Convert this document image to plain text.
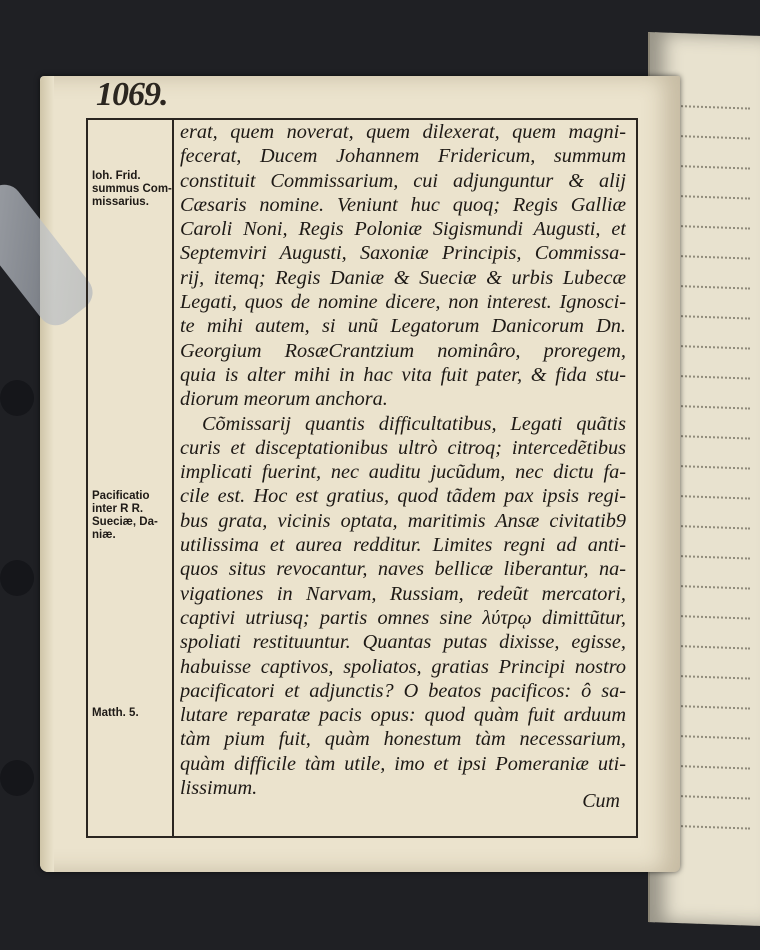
1069.
Ioh. Frid.
summus Com-
missarius.
Pacificatio
inter R R.
Sueciæ, Da-
niæ.
Matth. 5.
erat, quem noverat, quem dilexerat, quem magni-
fecerat, Ducem Johannem Fridericum, summum
constituit Commissarium, cui adjunguntur & alij
Cæsaris nomine. Veniunt huc quoq; Regis Galliæ
Caroli Noni, Regis Poloniæ Sigismundi Augusti, et
Septemviri Augusti, Saxoniæ Principis, Commissa-
rij, itemq; Regis Daniæ & Sueciæ & urbis Lubecæ
Legati, quos de nomine dicere, non interest. Ignosci-
te mihi autem, si unũ Legatorum Danicorum Dn.
Georgium RosæCrantzium nominâro, proregem,
quia is alter mihi in hac vita fuit pater, & fida stu-
diorum meorum anchora.
Cõmissarij quantis difficultatibus, Legati quãtis
curis et disceptationibus ultrò citroq; intercedẽtibus
implicati fuerint, nec auditu jucũdum, nec dictu fa-
cile est. Hoc est gratius, quod tãdem pax ipsis regi-
bus grata, vicinis optata, maritimis Ansæ civitatib9
utilissima et aurea redditur. Limites regni ad anti-
quos situs revocantur, naves bellicæ liberantur, na-
vigationes in Narvam, Russiam, redeũt mercatori,
captivi utriusq; partis omnes sine λύτρῳ dimittũtur,
spoliati restituuntur. Quantas putas dixisse, egisse,
habuisse captivos, spoliatos, gratias Principi nostro
pacificatori et adjunctis? O beatos pacificos: ô sa-
lutare reparatæ pacis opus: quod quàm fuit arduum
tàm pium fuit, quàm honestum tàm necessarium,
quàm difficile tàm utile, imo et ipsi Pomeraniæ uti-
lissimum.
Cum
